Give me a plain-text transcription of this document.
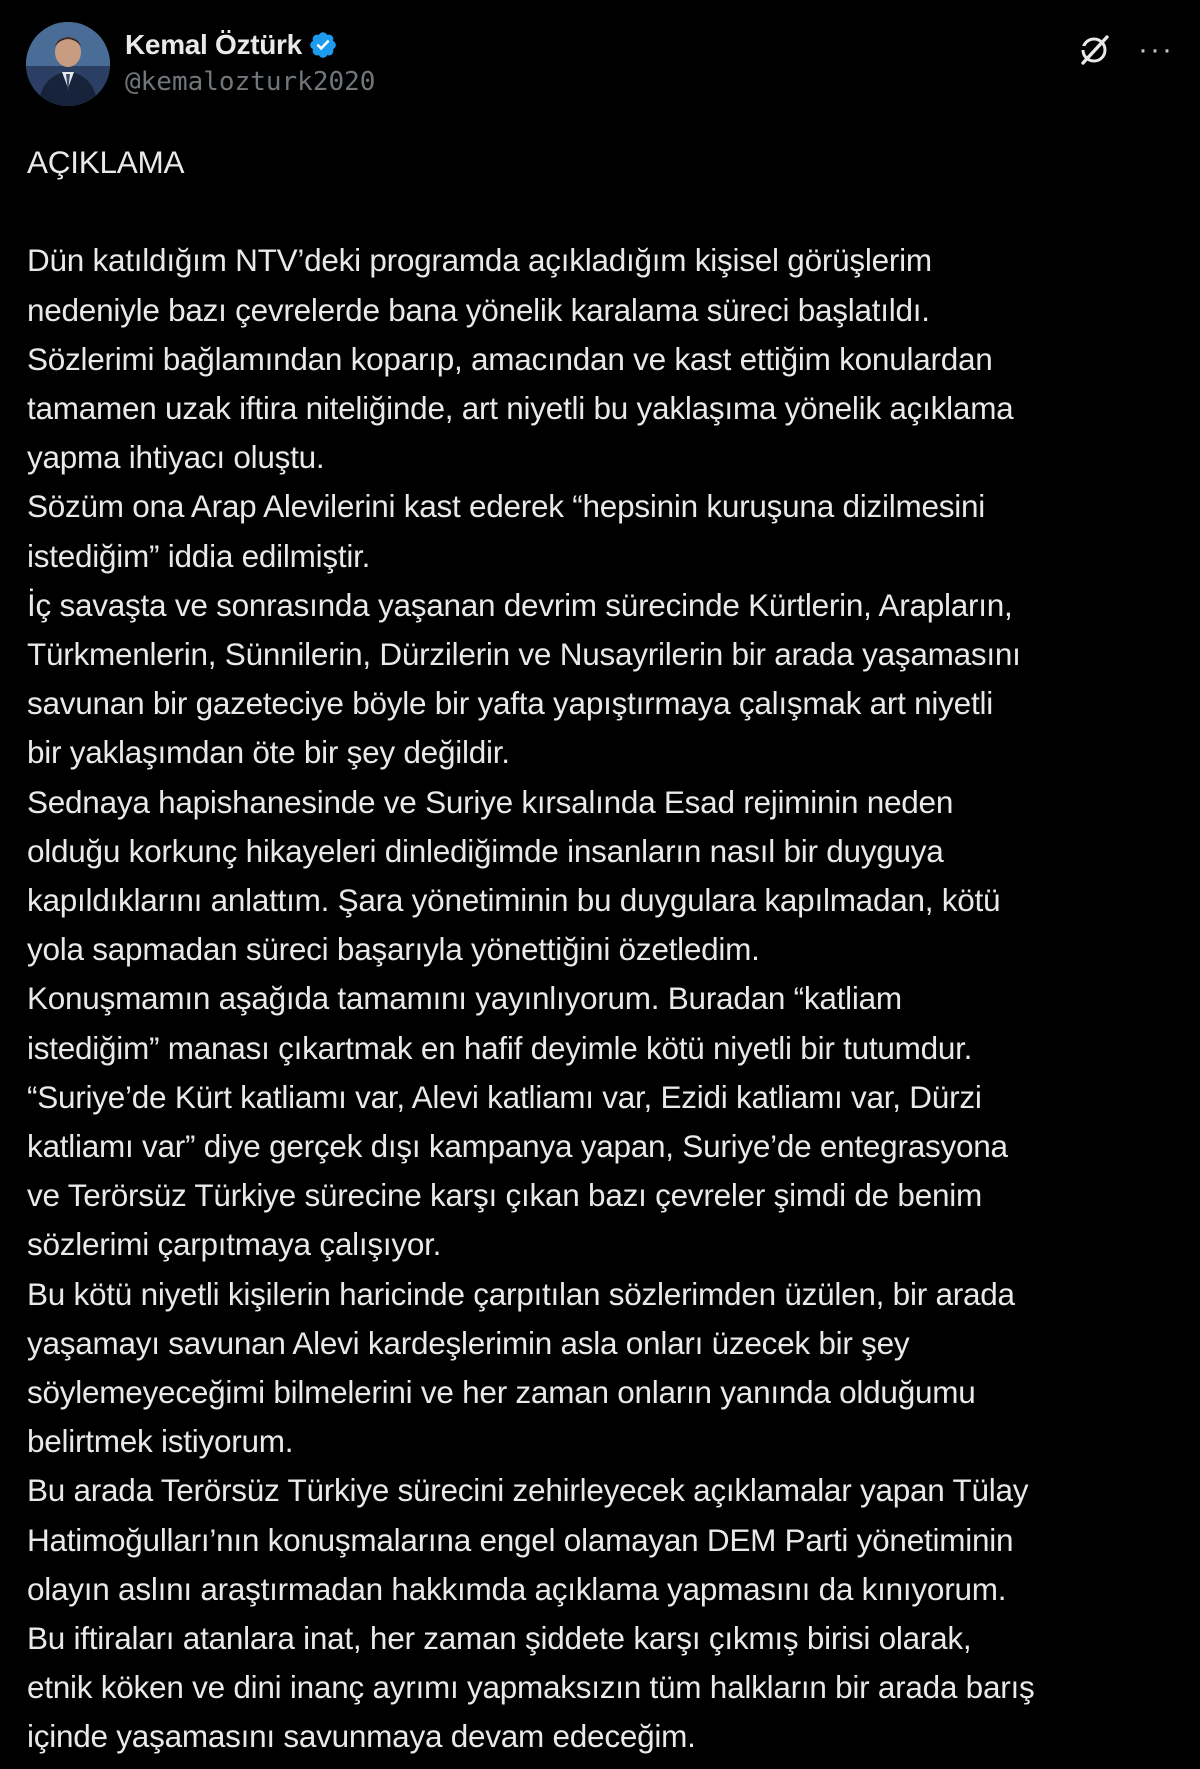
Kemal Öztürk
@kemalozturk2020
···

AÇIKLAMA

Dün katıldığım NTV’deki programda açıkladığım kişisel görüşlerim

nedeniyle bazı çevrelerde bana yönelik karalama süreci başlatıldı.

Sözlerimi bağlamından koparıp, amacından ve kast ettiğim konulardan

tamamen uzak iftira niteliğinde, art niyetli bu yaklaşıma yönelik açıklama

yapma ihtiyacı oluştu.

Sözüm ona Arap Alevilerini kast ederek “hepsinin kuruşuna dizilmesini

istediğim” iddia edilmiştir.

İç savaşta ve sonrasında yaşanan devrim sürecinde Kürtlerin, Arapların,

Türkmenlerin, Sünnilerin, Dürzilerin ve Nusayrilerin bir arada yaşamasını

savunan bir gazeteciye böyle bir yafta yapıştırmaya çalışmak art niyetli

bir yaklaşımdan öte bir şey değildir.

Sednaya hapishanesinde ve Suriye kırsalında Esad rejiminin neden

olduğu korkunç hikayeleri dinlediğimde insanların nasıl bir duyguya

kapıldıklarını anlattım. Şara yönetiminin bu duygulara kapılmadan, kötü

yola sapmadan süreci başarıyla yönettiğini özetledim.

Konuşmamın aşağıda tamamını yayınlıyorum. Buradan “katliam

istediğim” manası çıkartmak en hafif deyimle kötü niyetli bir tutumdur.

“Suriye’de Kürt katliamı var, Alevi katliamı var, Ezidi katliamı var, Dürzi

katliamı var” diye gerçek dışı kampanya yapan, Suriye’de entegrasyona

ve Terörsüz Türkiye sürecine karşı çıkan bazı çevreler şimdi de benim

sözlerimi çarpıtmaya çalışıyor.

Bu kötü niyetli kişilerin haricinde çarpıtılan sözlerimden üzülen, bir arada

yaşamayı savunan Alevi kardeşlerimin asla onları üzecek bir şey

söylemeyeceğimi bilmelerini ve her zaman onların yanında olduğumu

belirtmek istiyorum.

Bu arada Terörsüz Türkiye sürecini zehirleyecek açıklamalar yapan Tülay

Hatimoğulları’nın konuşmalarına engel olamayan DEM Parti yönetiminin

olayın aslını araştırmadan hakkımda açıklama yapmasını da kınıyorum.

Bu iftiraları atanlara inat, her zaman şiddete karşı çıkmış birisi olarak,

etnik köken ve dini inanç ayrımı yapmaksızın tüm halkların bir arada barış

içinde yaşamasını savunmaya devam edeceğim.
